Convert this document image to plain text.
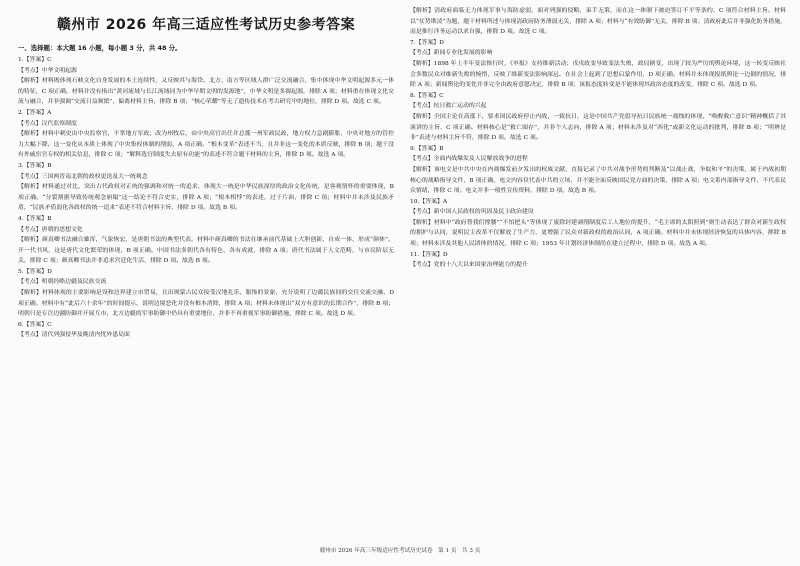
赣州市 2026 年高三适应性考试历史参考答案
一、选择题：本大题 16 小题，每小题 3 分，共 48 分。

1.【答案】C

【考点】中华文明起源

【解析】材料既体现石峡文化自身发展的本土连续性，又反映其与海岱、北方、南方等区域人群广泛交流融合，集中体现中华文明起源多元一体的特征，C 项正确。材料并没有指出“黄河流域与长江流域同为中华早期文明的发源地”，中华文明是多源起源，排除 A 项；材料重在体现文化交流与融合，并非强调“交流日益频繁”，偏离材料主旨，排除 B 项；“核心荣耀”等无了遗传技术在考古研究中的地位，排除 D 项。故选 C 项。

2.【答案】A

【考点】汉代监察制度

【解析】材料中刺史由中央监察官，不掌地方军政；改为州牧后，由中央高官出任并总揽一州军政民政，地方权力急剧膨胀，中央对地方的管控力大幅下降，这一变化从本质上体现了中央集权体制的削弱，A 项正确。“根本变革”表述不当，且并非这一变化的本质反映，排除 B 项；题干没有外戚宦官专权的相关信息，排除 C 项；“解释选官制度失去原有功能”的表述不符合题干材料的主旨，排除 D 项。故选 A 项。

3.【答案】B

【考点】三国两晋南北朝的政权更迭及大一统观念

【解析】材料通过对比，突出古代政权对正统的强调和对统一的追求，体现大一统是中华民族深厚的政治文化传统，是客观情怀的重要体现，B 项正确。“分裂割据导致传统观念崩塌”这一结论不符合史实，排除 A 项；“根本相悖”的表述，过于片面，排除 C 项；材料中并未涉及民族矛盾，“民族矛盾弱化各政权的统一追求”表述不符合材料主旨，排除 D 项。故选 B 项。

4.【答案】B

【考点】唐朝的思想文化

【解析】颜真卿书法融合雄浑，气象恢宏，是唐朝书法的典型代表。材料中颜真卿的书法在继承前代基础上大胆创新，自成一体，形成“颜体”，开一代书风，这是唐代文化繁荣的体现，B 项正确。中国书法多朝代各有特色，各有成就，排除 A 项；唐代书法属于人文范畴，与市民阶层无关，排除 C 项；颜真卿书法并非追求宫廷化生活，排除 D 项。故选 B 项。

5.【答案】D

【考点】明朝经略边疆及民族交流

【解析】材料体现的主要影响是设和边界建立市贸易，且出现蒙古民众接受汉地礼乐、服饰的景象，充分说明了边疆民族间的交往交流交融，D 项正确。材料中有“此后六十余年”的时间提示，说明边境恶化并没有根本消除，排除 A 项；材料未体现出“双方有意识的长期合作”，排除 B 项；明朝只是专注边疆防御并开展互市，北方边疆的军事防御中仍具有重要地位，并非不再重视军事防御措施，排除 C 项。故选 D 项。

6.【答案】C

【考点】清代列强侵华及晚清内忧外患局面

【解析】清政府面临无力体现军事与海防虚弱，面对列强的侵略，束手无策，而在这一体制下被迫签订不平等条约，C 项符合材料主旨。材料以“仗势欺凌”为题，题干材料所述与体现清政府防务薄弱无关，排除 A 项；材料与“有效防御”无关，排除 B 项；清政府此后并非强化防务措施，而是推行洋务运动以求自强，排除 D 项。故选 C 项。

7.【答案】D

【考点】新闻专业化发展的影响

【解析】1898 年上半年变法推行时，《申报》支持维新活动；戊戌政变导致变法失败，政局剧变，出现了较为严厉的舆论环境，这一转变反映社会多数民众对维新失败的惋惜，反映了维新变法影响深远，在社会上起到了思想启蒙作用，D 项正确。材料并未体现报纸舆论一边倒的情况，排除 A 项；新闻舆论的变化并非完全由政府意愿决定，排除 B 项；该报态度转变是不能体现其政治态度的改变，排除 C 项。故选 D 项。

8.【答案】C

【考点】抗日救亡运动的兴起

【解析】全国主论在高涨下，要求国民政府停止内战、一致抗日，这是中国共产党倡导抗日民族统一战线的体现，“唤醒救亡意识”精神概括了其演讲的主旨，C 项正确。材料核心是“救亡图存”，并非个人志向，排除 A 项；材料未涉及对“西化”或新文化运动的批判，排除 B 项；“明辨是非”表述与材料主旨不符，排除 D 项。故选 C 项。

9.【答案】B

【考点】全面内战爆发及人民解放战争的进程

【解析】该电文是中共中央在内战爆发前夕发出的权威文献，直接记录了中共对战争形势的判断及“以战止战，争取和平”的决策，属于内战初期核心的战略指导文件，B 项正确。电文内容仅代表中共的立场，并不能全面反映国民党方面的决策，排除 A 项；电文系内部指导文件，不代表民众情绪，排除 C 项；电文并非一般性宣传资料，排除 D 项。故选 B 项。

10.【答案】A

【考点】新中国人民政权的巩固及民主政治建设

【解析】材料中“政府替我们撑腰”“不怕把头”等体现了废除封建剥削制度后工人地位的提升，“毛主席的太阳照到”则生动表达了群众对新生政权的拥护与认同，说明民主改革不仅解放了生产力，更增强了民众对新政权的政治认同，A 项正确。材料中并未体现经济恢复的具体内容，排除 B 项；材料未涉及其他人民团体的情况，排除 C 项；1953 年计划经济体制尚在建立过程中，排除 D 项。故选 A 项。

11.【答案】D

【考点】党的十八大以来国家治理能力的提升

赣州市 2026 年高三年级适应性考试历史试卷　第 1 页　共 3 页
